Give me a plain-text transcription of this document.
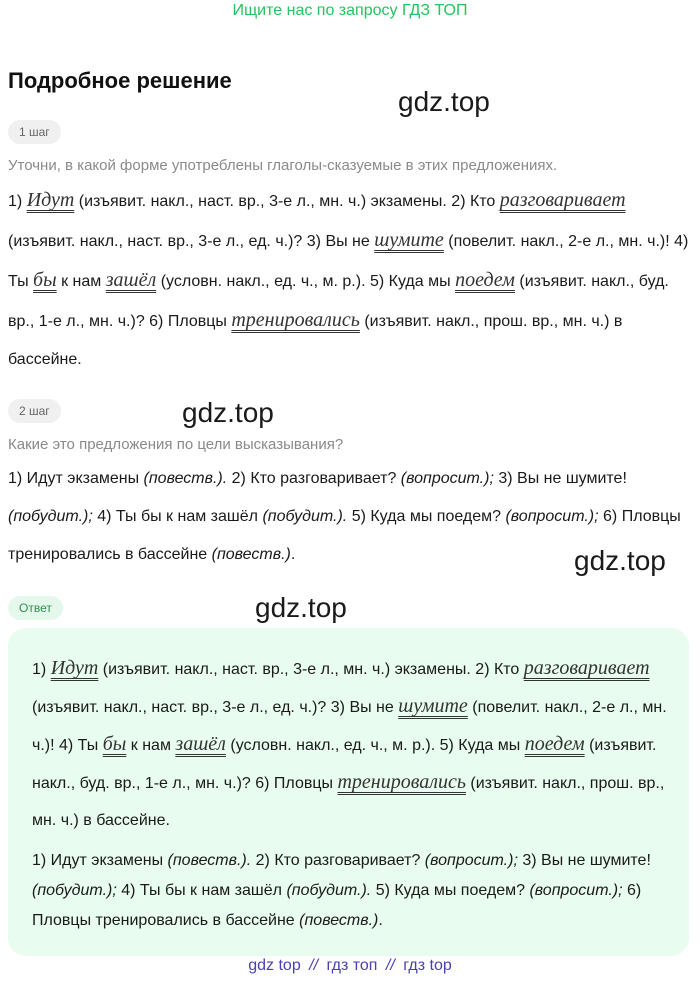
Ищите нас по запросу ГДЗ ТОП
Подробное решение
gdz.top
gdz.top
gdz.top
gdz.top
1 шаг
Уточни, в какой форме употреблены глаголы-сказуемые в этих предложениях.
1) Идут (изъявит. накл., наст. вр., 3-е л., мн. ч.) экзамены. 2) Кто разговаривает (изъявит. накл., наст. вр., 3-е л., ед. ч.)? 3) Вы не шумите (повелит. накл., 2-е л., мн. ч.)! 4) Ты бы к нам зашёл (условн. накл., ед. ч., м. р.). 5) Куда мы поедем (изъявит. накл., буд. вр., 1-е л., мн. ч.)? 6) Пловцы тренировались (изъявит. накл., прош. вр., мн. ч.) в бассейне.
2 шаг
Какие это предложения по цели высказывания?
1) Идут экзамены (повеств.). 2) Кто разговаривает? (вопросит.); 3) Вы не шумите! (побудит.); 4) Ты бы к нам зашёл (побудит.). 5) Куда мы поедем? (вопросит.); 6) Пловцы тренировались в бассейне (повеств.).
Ответ
1) Идут (изъявит. накл., наст. вр., 3-е л., мн. ч.) экзамены. 2) Кто разговаривает (изъявит. накл., наст. вр., 3-е л., ед. ч.)? 3) Вы не шумите (повелит. накл., 2-е л., мн. ч.)! 4) Ты бы к нам зашёл (условн. накл., ед. ч., м. р.). 5) Куда мы поедем (изъявит. накл., буд. вр., 1-е л., мн. ч.)? 6) Пловцы тренировались (изъявит. накл., прош. вр., мн. ч.) в бассейне.
1) Идут экзамены (повеств.). 2) Кто разговаривает? (вопросит.); 3) Вы не шумите! (побудит.); 4) Ты бы к нам зашёл (побудит.). 5) Куда мы поедем? (вопросит.); 6) Пловцы тренировались в бассейне (повеств.).
gdz top // гдз топ // гдз top
